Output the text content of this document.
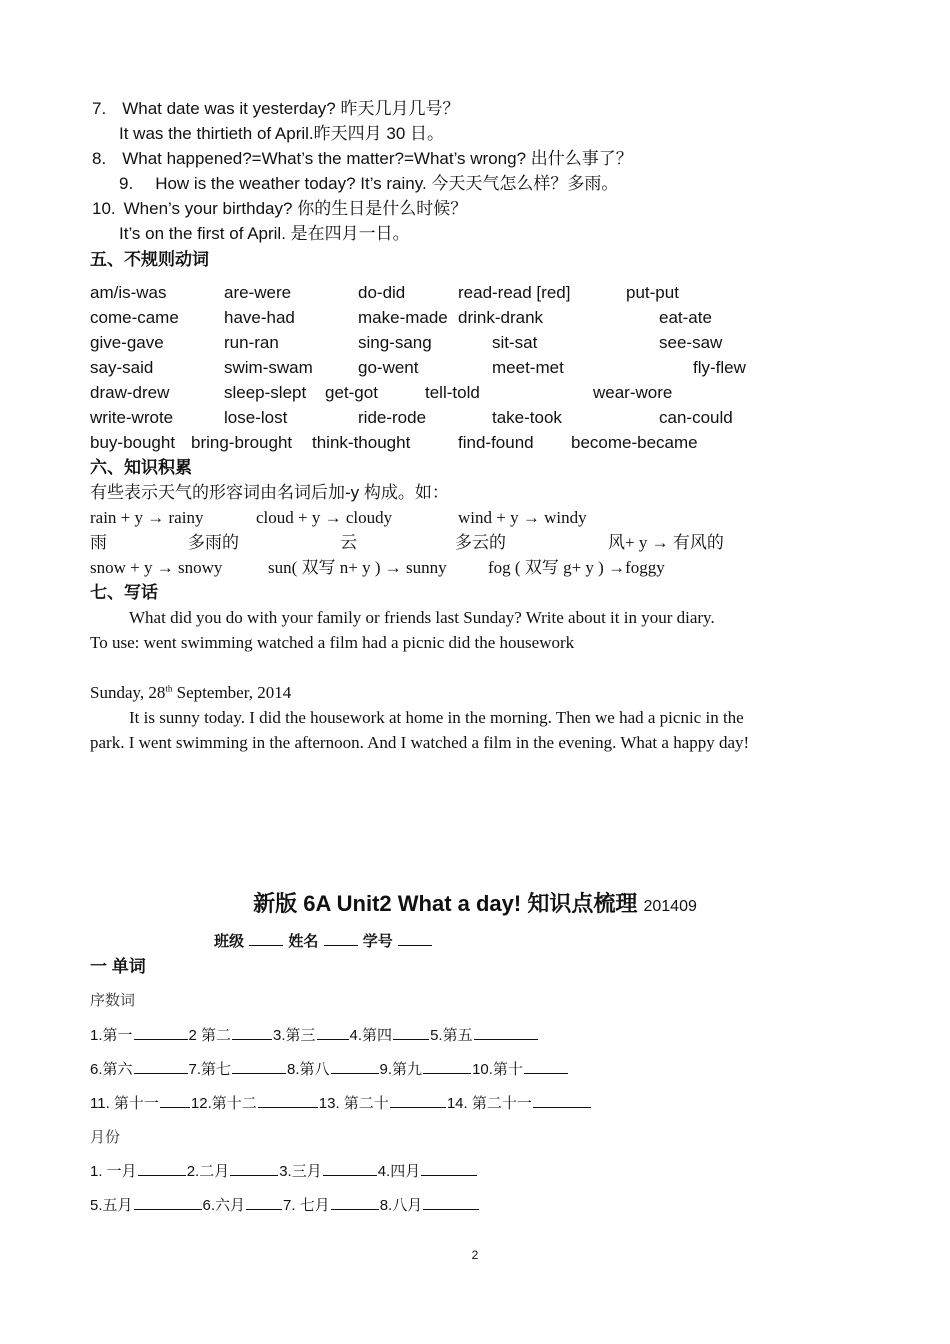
7. What date was it yesterday? 昨天几月几号？
It was the thirtieth of April.昨天四月 30 日。
8. What happened?=What’s the matter?=What’s wrong? 出什么事了？
9. How is the weather today? It’s rainy. 今天天气怎么样？多雨。
10. When’s your birthday? 你的生日是什么时候？
It’s on the first of April. 是在四月一日。
五、不规则动词
am/is-was	are-were	do-did	read-read [red]	put-put
come-came	have-had	make-made drink-drank	eat-ate
give-gave	run-ran	sing-sang	sit-sat	see-saw
say-said	swim-swam	go-went	meet-met	fly-flew
draw-drew	sleep-slept get-got	tell-told	wear-wore
write-wrote	lose-lost	ride-rode	take-took	can-could
buy-bought bring-brought think-thought	find-found become-became
六、知识积累
有些表示天气的形容词由名词后加-y 构成。如：
rain + y → rainy	cloud + y → cloudy	wind + y → windy
雨	多雨的	云	多云的	风+ y → 有风的
snow + y → snowy	sun( 双写 n+ y ) → sunny fog ( 双写 g+ y ) →foggy
七、写话
What did you do with your family or friends last Sunday? Write about it in your diary.
To use: went swimming watched a film had a picnic did the housework
Sunday, 28th September, 2014
It is sunny today. I did the housework at home in the morning. Then we had a picnic in the
park. I went swimming in the afternoon. And I watched a film in the evening. What a happy day!
新版 6A Unit2 What a day! 知识点梳理 201409
班级	姓名	学号
一 单词
序数词
1.第一	2 第二	3.第三 4.第四	5.第五
6.第六	7.第七	8.第八	9.第九	10.第十
11. 第十一 12.第十二	13. 第二十	14. 第二十一
月份
1. 一月	2.二月	3.三月	4.四月
5.五月	6.六月	7. 七月	8.八月
2
